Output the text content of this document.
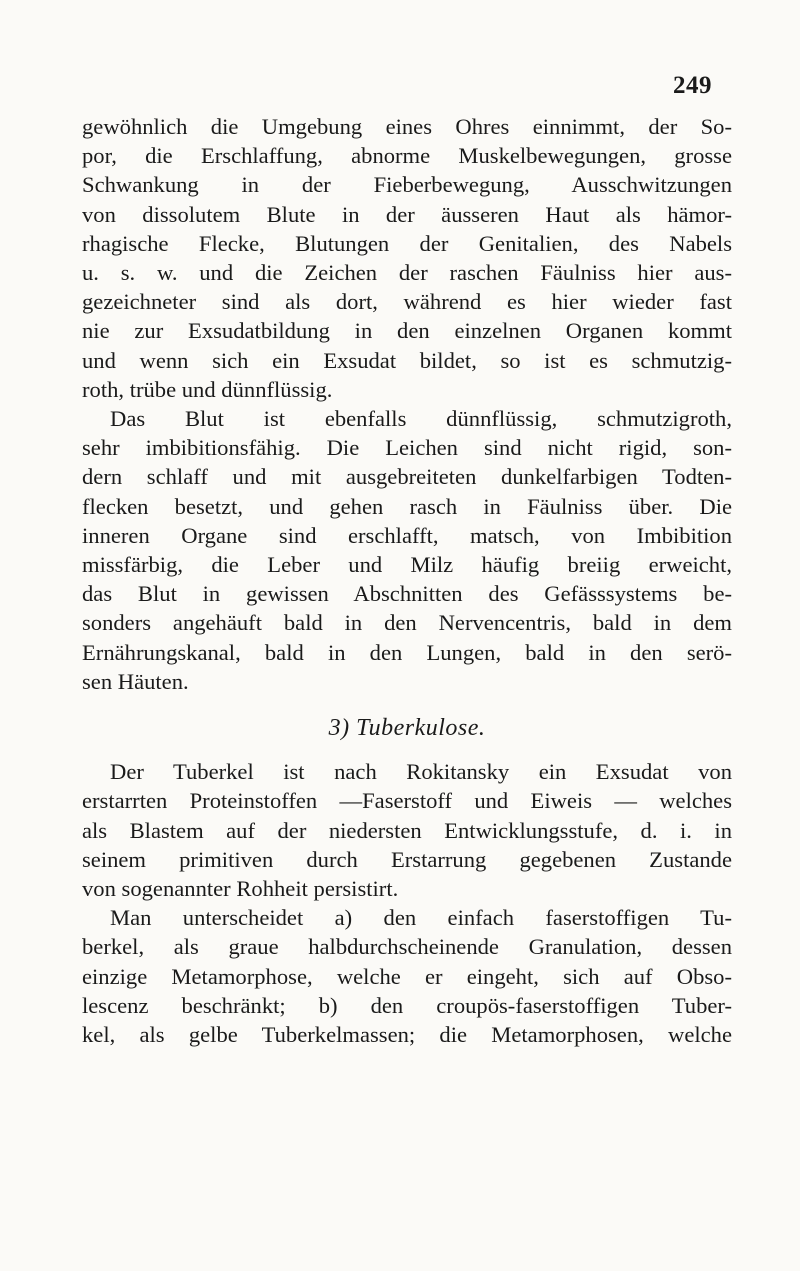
249
gewöhnlich die Umgebung eines Ohres einnimmt, der So-
por, die Erschlaffung, abnorme Muskelbewegungen, grosse
Schwankung in der Fieberbewegung, Ausschwitzungen
von dissolutem Blute in der äusseren Haut als hämor-
rhagische Flecke, Blutungen der Genitalien, des Nabels
u. s. w. und die Zeichen der raschen Fäulniss hier aus-
gezeichneter sind als dort, während es hier wieder fast
nie zur Exsudatbildung in den einzelnen Organen kommt
und wenn sich ein Exsudat bildet, so ist es schmutzig-
roth, trübe und dünnflüssig.
Das Blut ist ebenfalls dünnflüssig, schmutzigroth,
sehr imbibitionsfähig. Die Leichen sind nicht rigid, son-
dern schlaff und mit ausgebreiteten dunkelfarbigen Todten-
flecken besetzt, und gehen rasch in Fäulniss über. Die
inneren Organe sind erschlafft, matsch, von Imbibition
missfärbig, die Leber und Milz häufig breiig erweicht,
das Blut in gewissen Abschnitten des Gefässsystems be-
sonders angehäuft bald in den Nervencentris, bald in dem
Ernährungskanal, bald in den Lungen, bald in den serö-
sen Häuten.
3) Tuberkulose.
Der Tuberkel ist nach Rokitansky ein Exsudat von
erstarrten Proteinstoffen —Faserstoff und Eiweis — welches
als Blastem auf der niedersten Entwicklungsstufe, d. i. in
seinem primitiven durch Erstarrung gegebenen Zustande
von sogenannter Rohheit persistirt.
Man unterscheidet a) den einfach faserstoffigen Tu-
berkel, als graue halbdurchscheinende Granulation, dessen
einzige Metamorphose, welche er eingeht, sich auf Obso-
lescenz beschränkt; b) den croupös-faserstoffigen Tuber-
kel, als gelbe Tuberkelmassen; die Metamorphosen, welche
